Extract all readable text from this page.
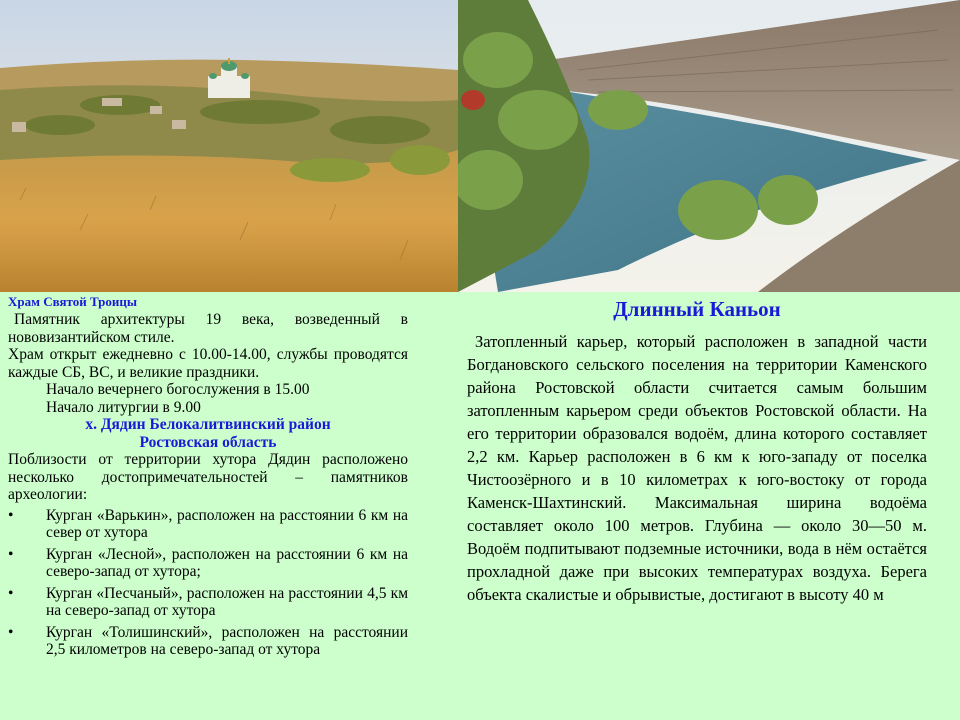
Храм Святой Троицы

Памятник архитектуры 19 века, возведенный в нововизантийском стиле.

Храм открыт ежедневно с 10.00-14.00, службы проводятся каждые СБ, ВС, и великие праздники.

Начало вечернего богослужения в 15.00

Начало литургии в 9.00

х. Дядин Белокалитвинский район

Ростовская область

Поблизости от территории хутора Дядин расположено несколько достопримечательностей – памятников археологии:

• Курган «Варькин», расположен на расстоянии 6 км на север от хутора
• Курган «Лесной», расположен на расстоянии 6 км на северо-запад от хутора;
• Курган «Песчаный», расположен на расстоянии 4,5 км на северо-запад от хутора
• Курган «Толишинский», расположен на расстоянии 2,5 километров на северо-запад от хутора

Длинный Каньон

Затопленный карьер, который расположен в западной части Богдановского сельского поселения на территории Каменского района Ростовской области считается самым большим затопленным карьером среди объектов Ростовской области. На его территории образовался водоём, длина которого составляет 2,2 км. Карьер расположен в 6 км к юго-западу от поселка Чистоозёрного и в 10 километрах к юго-востоку от города Каменск-Шахтинский. Максимальная ширина водоёма составляет около 100 метров. Глубина — около 30—50 м. Водоём подпитывают подземные источники, вода в нём остаётся прохладной даже при высоких температурах воздуха. Берега объекта скалистые и обрывистые, достигают в высоту 40 м
